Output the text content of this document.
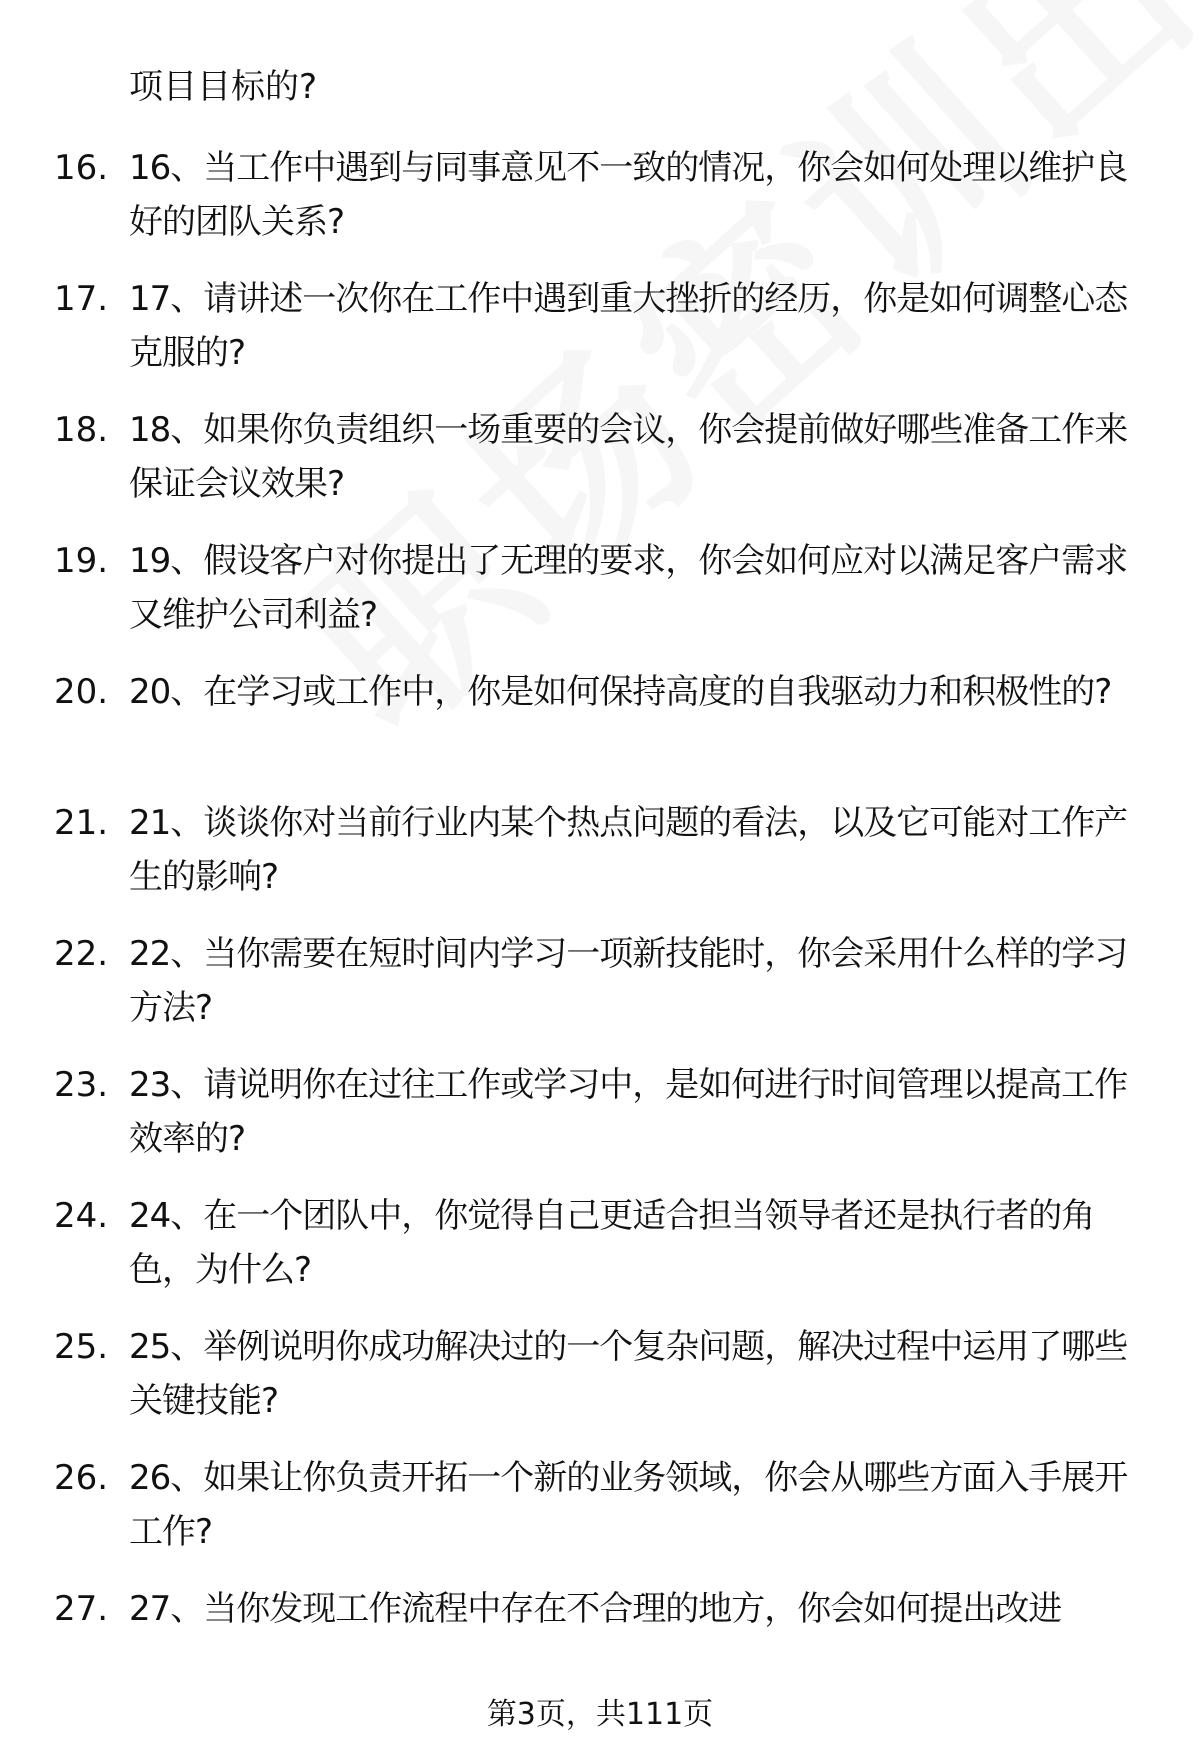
项目目标的?

16. 16、当工作中遇到与同事意见不一致的情况，你会如何处理以维护良好的团队关系?
17. 17、请讲述一次你在工作中遇到重大挫折的经历，你是如何调整心态克服的?
18. 18、如果你负责组织一场重要的会议，你会提前做好哪些准备工作来保证会议效果?
19. 19、假设客户对你提出了无理的要求，你会如何应对以满足客户需求又维护公司利益?
20. 20、在学习或工作中，你是如何保持高度的自我驱动力和积极性的?
21. 21、谈谈你对当前行业内某个热点问题的看法，以及它可能对工作产生的影响?
22. 22、当你需要在短时间内学习一项新技能时，你会采用什么样的学习方法?
23. 23、请说明你在过往工作或学习中，是如何进行时间管理以提高工作效率的?
24. 24、在一个团队中，你觉得自己更适合担当领导者还是执行者的角色，为什么?
25. 25、举例说明你成功解决过的一个复杂问题，解决过程中运用了哪些关键技能?
26. 26、如果让你负责开拓一个新的业务领域，你会从哪些方面入手展开工作?
27. 27、当你发现工作流程中存在不合理的地方，你会如何提出改进
第3页，共111页
